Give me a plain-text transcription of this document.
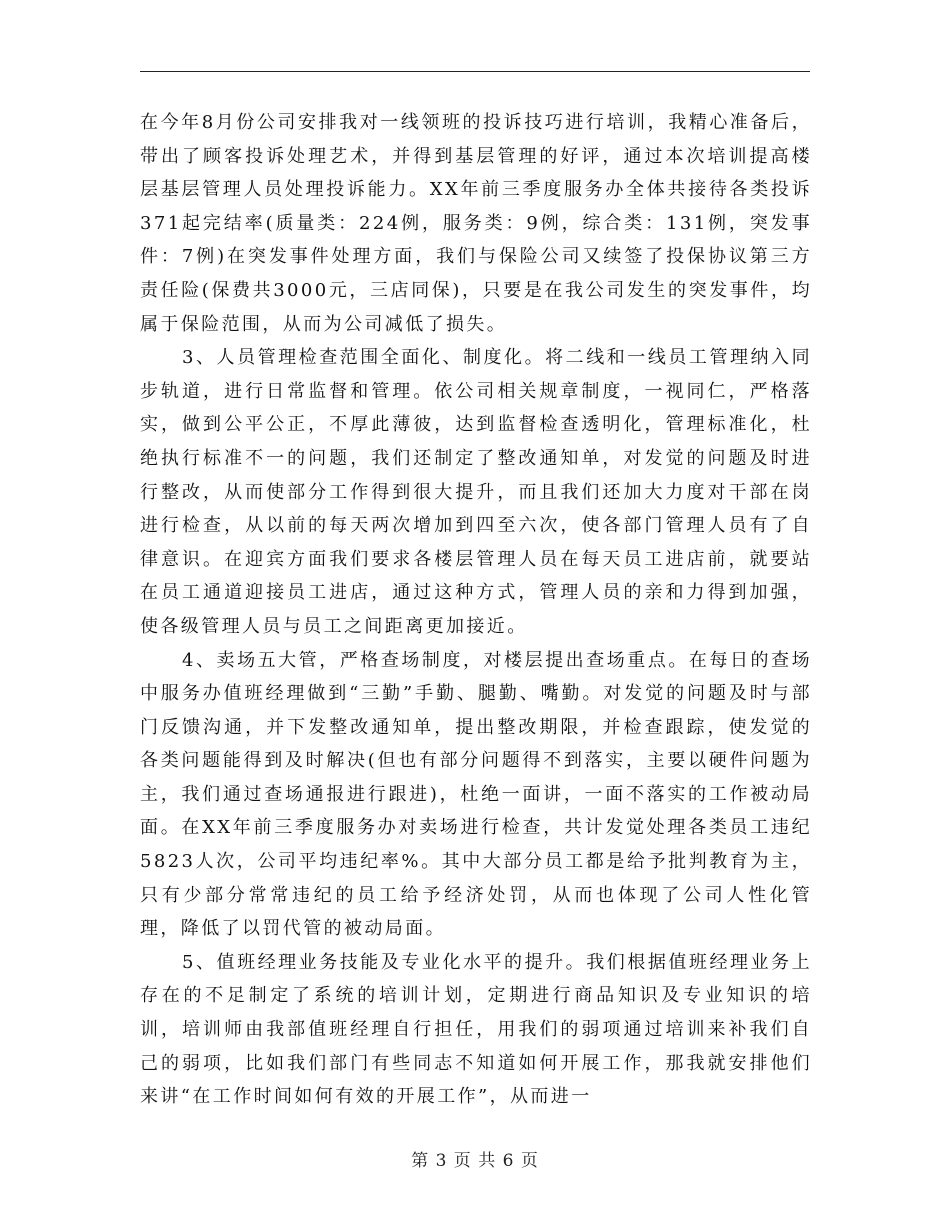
在今年8月份公司安排我对一线领班的投诉技巧进行培训，我精心准备后，带出了顾客投诉处理艺术，并得到基层管理的好评，通过本次培训提高楼层基层管理人员处理投诉能力。XX年前三季度服务办全体共接待各类投诉371起完结率(质量类：224例，服务类：9例，综合类：131例，突发事件：7例)在突发事件处理方面，我们与保险公司又续签了投保协议第三方责任险(保费共3000元，三店同保)，只要是在我公司发生的突发事件，均属于保险范围，从而为公司减低了损失。

3、人员管理检查范围全面化、制度化。将二线和一线员工管理纳入同步轨道，进行日常监督和管理。依公司相关规章制度，一视同仁，严格落实，做到公平公正，不厚此薄彼，达到监督检查透明化，管理标准化，杜绝执行标准不一的问题，我们还制定了整改通知单，对发觉的问题及时进行整改，从而使部分工作得到很大提升，而且我们还加大力度对干部在岗进行检查，从以前的每天两次增加到四至六次，使各部门管理人员有了自律意识。在迎宾方面我们要求各楼层管理人员在每天员工进店前，就要站在员工通道迎接员工进店，通过这种方式，管理人员的亲和力得到加强，使各级管理人员与员工之间距离更加接近。

4、卖场五大管，严格查场制度，对楼层提出查场重点。在每日的查场中服务办值班经理做到“三勤”手勤、腿勤、嘴勤。对发觉的问题及时与部门反馈沟通，并下发整改通知单，提出整改期限，并检查跟踪，使发觉的各类问题能得到及时解决(但也有部分问题得不到落实，主要以硬件问题为主，我们通过查场通报进行跟进)，杜绝一面讲，一面不落实的工作被动局面。在XX年前三季度服务办对卖场进行检查，共计发觉处理各类员工违纪5823人次，公司平均违纪率%。其中大部分员工都是给予批判教育为主，只有少部分常常违纪的员工给予经济处罚，从而也体现了公司人性化管理，降低了以罚代管的被动局面。

5、值班经理业务技能及专业化水平的提升。我们根据值班经理业务上存在的不足制定了系统的培训计划，定期进行商品知识及专业知识的培训，培训师由我部值班经理自行担任，用我们的弱项通过培训来补我们自己的弱项，比如我们部门有些同志不知道如何开展工作，那我就安排他们来讲“在工作时间如何有效的开展工作”，从而进一

第 3 页 共 6 页
